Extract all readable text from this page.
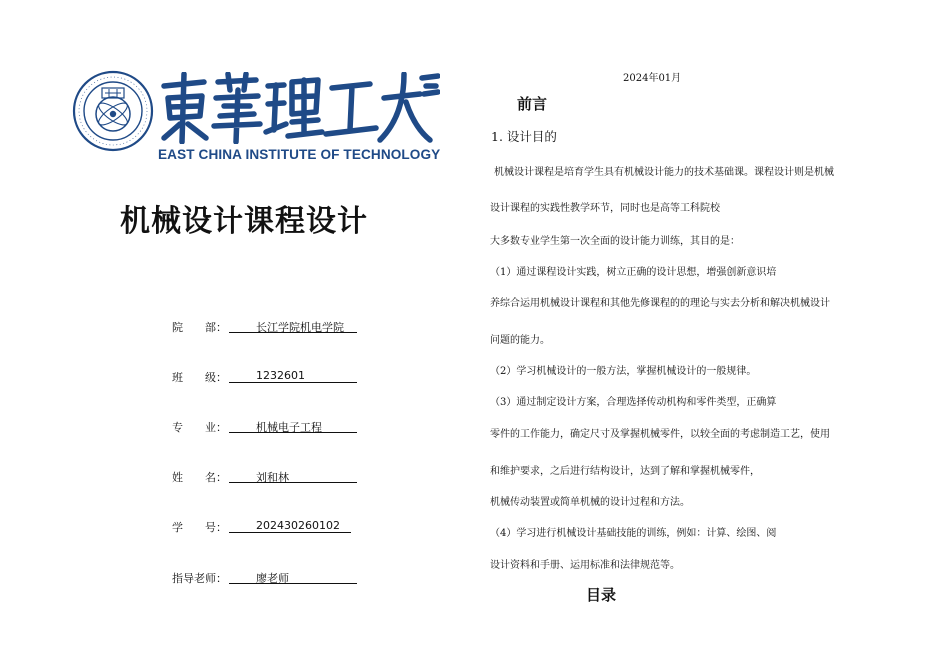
EAST CHINA INSTITUTE OF TECHNOLOGY
机械设计课程设计
院　　部：	长江学院机电学院
班　　级：	1232601
专　　业：	机械电子工程
姓　　名：	刘和林
学　　号：	202430260102
指导老师：	廖老师
2024年01月
前言
1. 设计目的
机械设计课程是培育学生具有机械设计能力的技术基础课。课程设计则是机械
设计课程的实践性教学环节，同时也是高等工科院校
大多数专业学生第一次全面的设计能力训练，其目的是：
（1）通过课程设计实践，树立正确的设计思想，增强创新意识培
养综合运用机械设计课程和其他先修课程的的理论与实去分析和解决机械设计
问题的能力。
（2）学习机械设计的一般方法，掌握机械设计的一般规律。
（3）通过制定设计方案，合理选择传动机构和零件类型，正确算
零件的工作能力，确定尺寸及掌握机械零件，以较全面的考虑制造工艺，使用
和维护要求，之后进行结构设计，达到了解和掌握机械零件，
机械传动装置或简单机械的设计过程和方法。
（4）学习进行机械设计基础技能的训练，例如：计算、绘图、阅
设计资料和手册、运用标准和法律规范等。
目录
